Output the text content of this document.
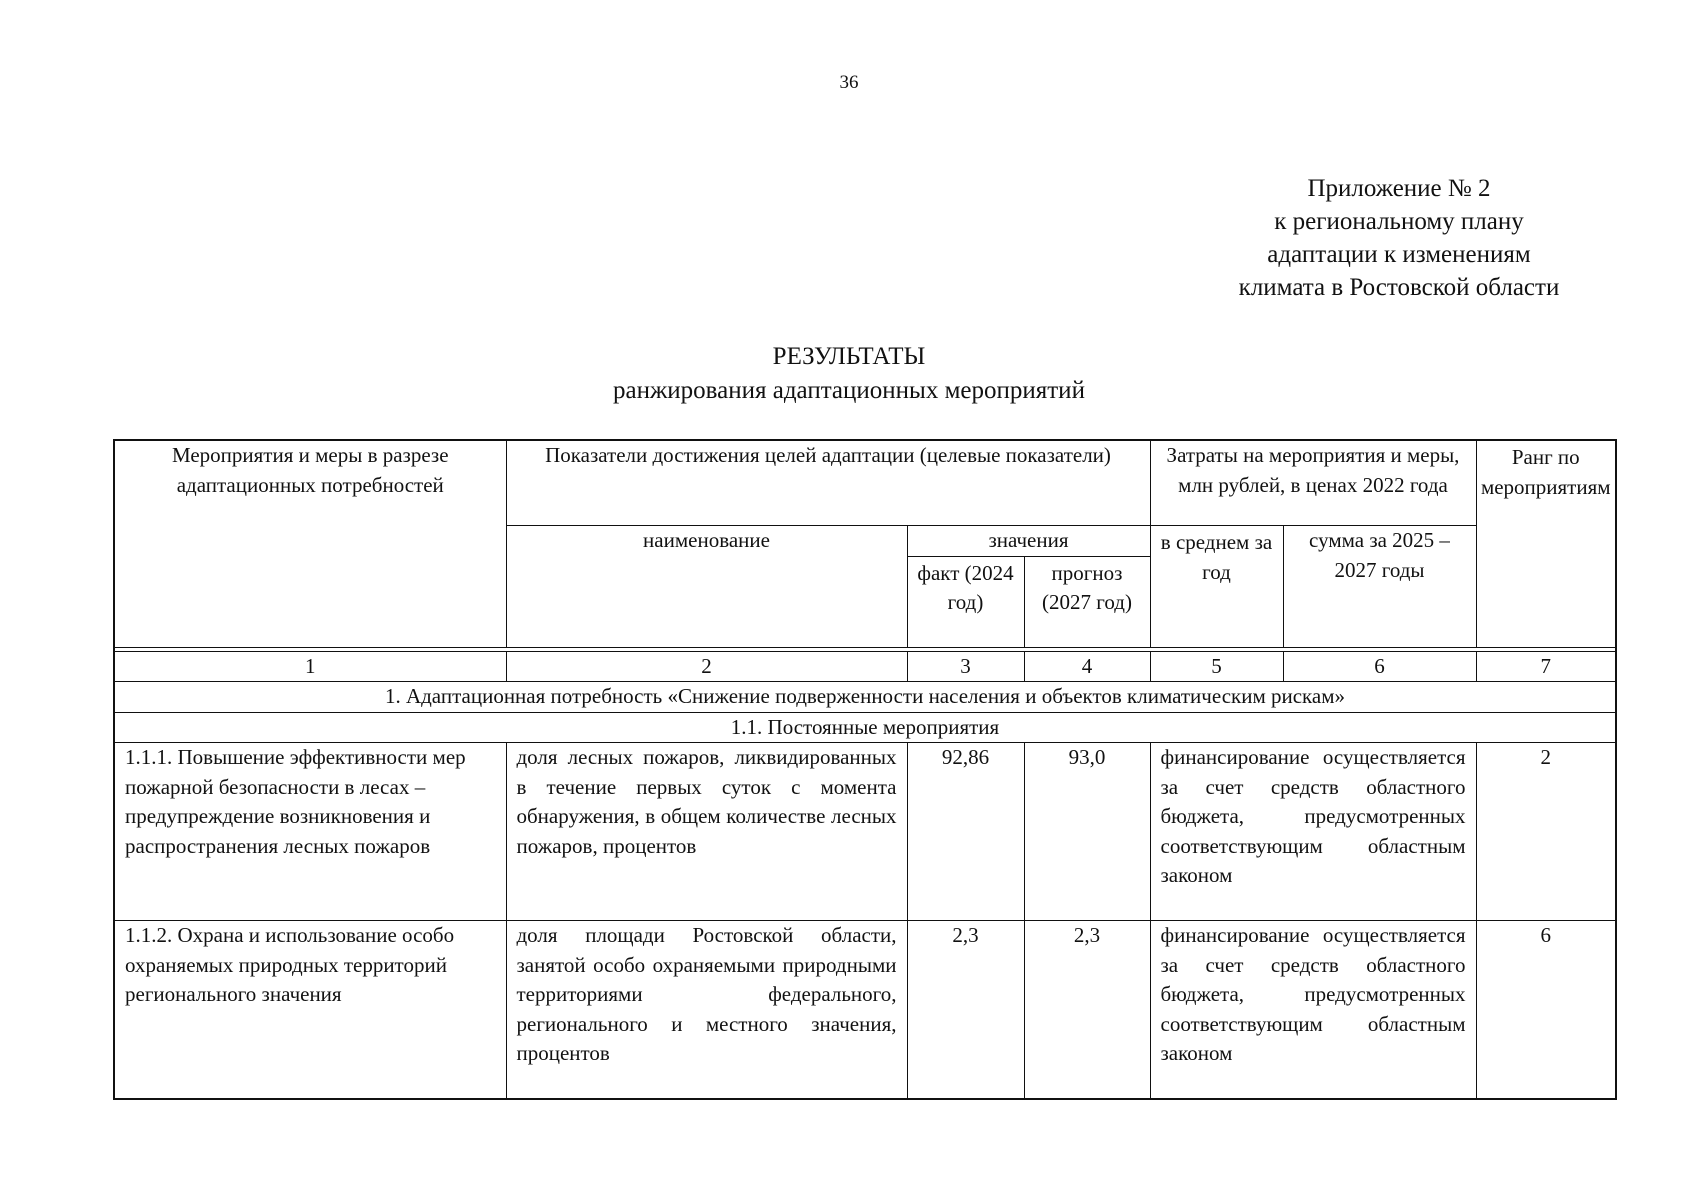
36
Приложение № 2
к региональному плану
адаптации к изменениям
климата в Ростовской области
РЕЗУЛЬТАТЫ
ранжирования адаптационных мероприятий
Мероприятия и меры в разрезе адаптационных потребностей	Показатели достижения целей адаптации (целевые показатели)			Затраты на мероприятия и меры, млн рублей, в ценах 2022 года		Ранг по мероприятиям
	наименование	значения		в среднем за год	сумма за 2025 – 2027 годы	
		факт (2024 год)	прогноз (2027 год)			

1	2	3	4	5	6	7
1. Адаптационная потребность «Снижение подверженности населения и объектов климатическим рискам»						
1.1. Постоянные мероприятия						
1.1.1. Повышение эффективности мер пожарной безопасности в лесах – предупреждение возникновения и распространения лесных пожаров	доля лесных пожаров, ликвидированных в течение первых суток с момента обнаружения, в общем количестве лесных пожаров, процентов	92,86	93,0	финансирование осуществляется за счет средств областного бюджета, предусмотренных соответствующим областным законом		2
1.1.2. Охрана и использование особо охраняемых природных территорий регионального значения	доля площади Ростовской области, занятой особо охраняемыми природными территориями федерального, регионального и местного значения, процентов	2,3	2,3	финансирование осуществляется за счет средств областного бюджета, предусмотренных соответствующим областным законом		6
